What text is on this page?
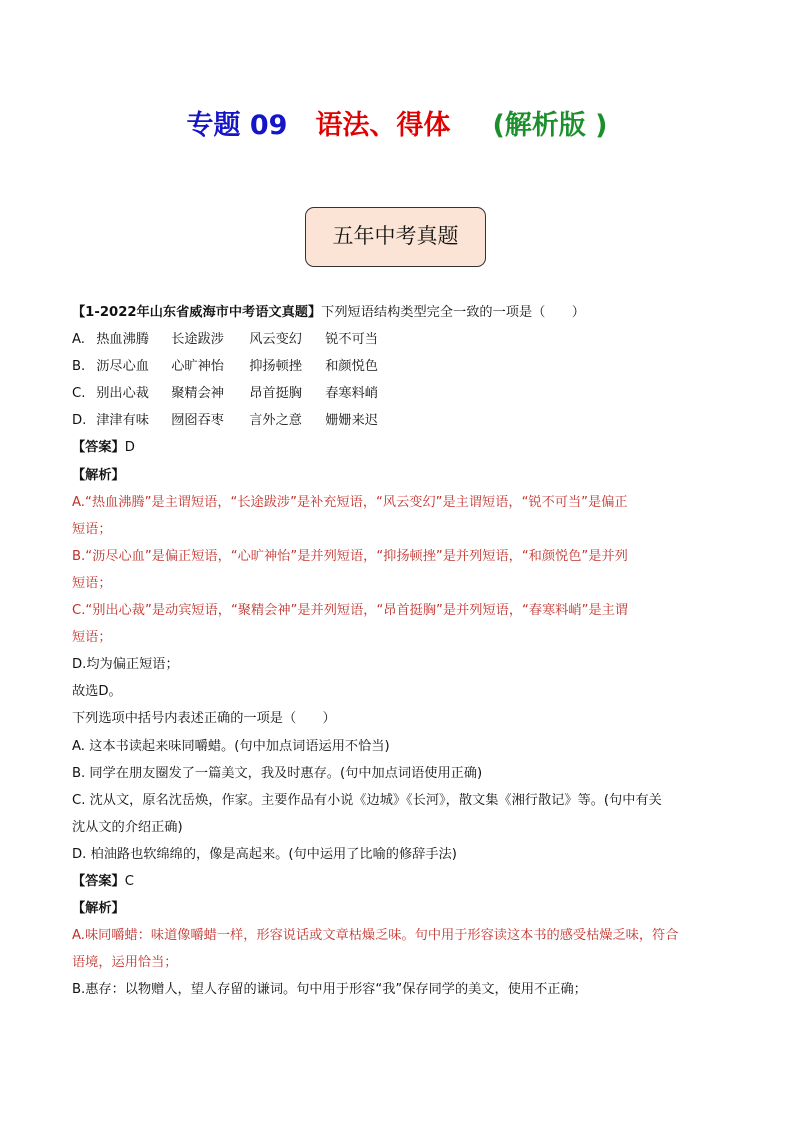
专题 09 语法、得体 (解析版 )
五年中考真题
【1-2022年山东省威海市中考语文真题】下列短语结构类型完全一致的一项是（　　）
A. 热血沸腾 长途跋涉 风云变幻 锐不可当
B. 沥尽心血 心旷神怡 抑扬顿挫 和颜悦色
C. 别出心裁 聚精会神 昂首挺胸 春寒料峭
D. 津津有味 囫囵吞枣 言外之意 姗姗来迟
【答案】D
【解析】
A.“热血沸腾”是主谓短语，“长途跋涉”是补充短语，“风云变幻”是主谓短语，“锐不可当”是偏正
短语；
B.“沥尽心血”是偏正短语，“心旷神怡”是并列短语，“抑扬顿挫”是并列短语，“和颜悦色”是并列
短语；
C.“别出心裁”是动宾短语，“聚精会神”是并列短语，“昂首挺胸”是并列短语，“春寒料峭”是主谓
短语；
D.均为偏正短语；
故选D。
下列选项中括号内表述正确的一项是（　　）
A. 这本书读起来味同嚼蜡。(句中加点词语运用不恰当)
B. 同学在朋友圈发了一篇美文，我及时惠存。(句中加点词语使用正确)
C. 沈从文，原名沈岳焕，作家。主要作品有小说《边城》《长河》，散文集《湘行散记》等。(句中有关
沈从文的介绍正确)
D. 柏油路也软绵绵的，像是高起来。(句中运用了比喻的修辞手法)
【答案】C
【解析】
A.味同嚼蜡：味道像嚼蜡一样，形容说话或文章枯燥乏味。句中用于形容读这本书的感受枯燥乏味，符合
语境，运用恰当；
B.惠存：以物赠人，望人存留的谦词。句中用于形容“我”保存同学的美文，使用不正确；
